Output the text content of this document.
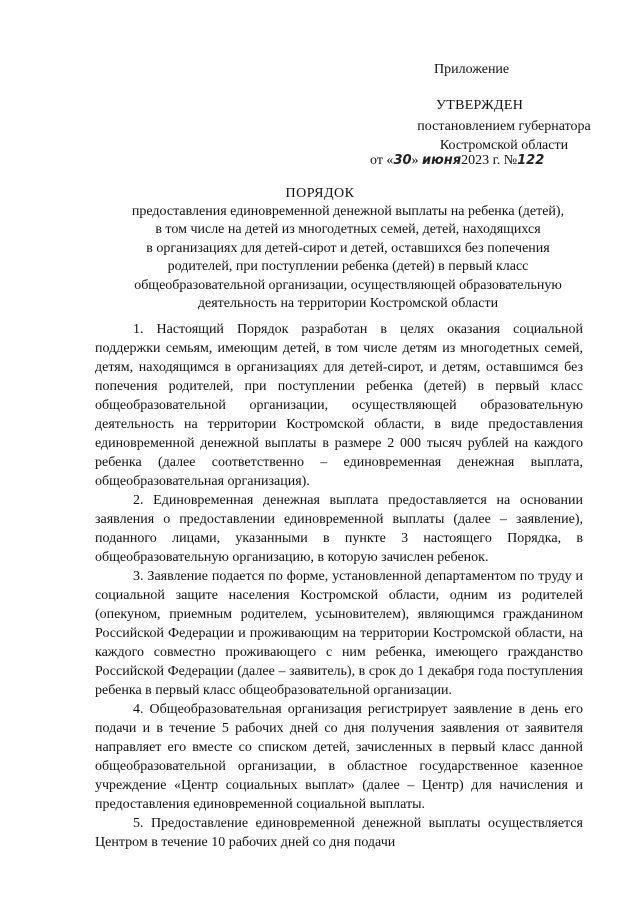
Приложение
УТВЕРЖДЕН
постановлением губернатора
Костромской области
от «30» июня2023 г. №122
ПОРЯДОК
предоставления единовременной денежной выплаты на ребенка (детей),
в том числе на детей из многодетных семей, детей, находящихся
в организациях для детей-сирот и детей, оставшихся без попечения
родителей, при поступлении ребенка (детей) в первый класс
общеобразовательной организации, осуществляющей образовательную
деятельность на территории Костромской области

1. Настоящий Порядок разработан в целях оказания социальной поддержки семьям, имеющим детей, в том числе детям из многодетных семей, детям, находящимся в организациях для детей-сирот, и детям, оставшимся без попечения родителей, при поступлении ребенка (детей) в первый класс общеобразовательной организации, осуществляющей образовательную деятельность на территории Костромской области, в виде предоставления единовременной денежной выплаты в размере 2 000 тысяч рублей на каждого ребенка (далее соответственно – единовременная денежная выплата, общеобразовательная организация).

2. Единовременная денежная выплата предоставляется на основании заявления о предоставлении единовременной выплаты (далее – заявление), поданного лицами, указанными в пункте 3 настоящего Порядка, в общеобразовательную организацию, в которую зачислен ребенок.

3. Заявление подается по форме, установленной департаментом по труду и социальной защите населения Костромской области, одним из родителей (опекуном, приемным родителем, усыновителем), являющимся гражданином Российской Федерации и проживающим на территории Костромской области, на каждого совместно проживающего с ним ребенка, имеющего гражданство Российской Федерации (далее – заявитель), в срок до 1 декабря года поступления ребенка в первый класс общеобразовательной организации.

4. Общеобразовательная организация регистрирует заявление в день его подачи и в течение 5 рабочих дней со дня получения заявления от заявителя направляет его вместе со списком детей, зачисленных в первый класс данной общеобразовательной организации, в областное государственное казенное учреждение «Центр социальных выплат» (далее – Центр) для начисления и предоставления единовременной социальной выплаты.

5. Предоставление единовременной денежной выплаты осуществляется Центром в течение 10 рабочих дней со дня подачи
